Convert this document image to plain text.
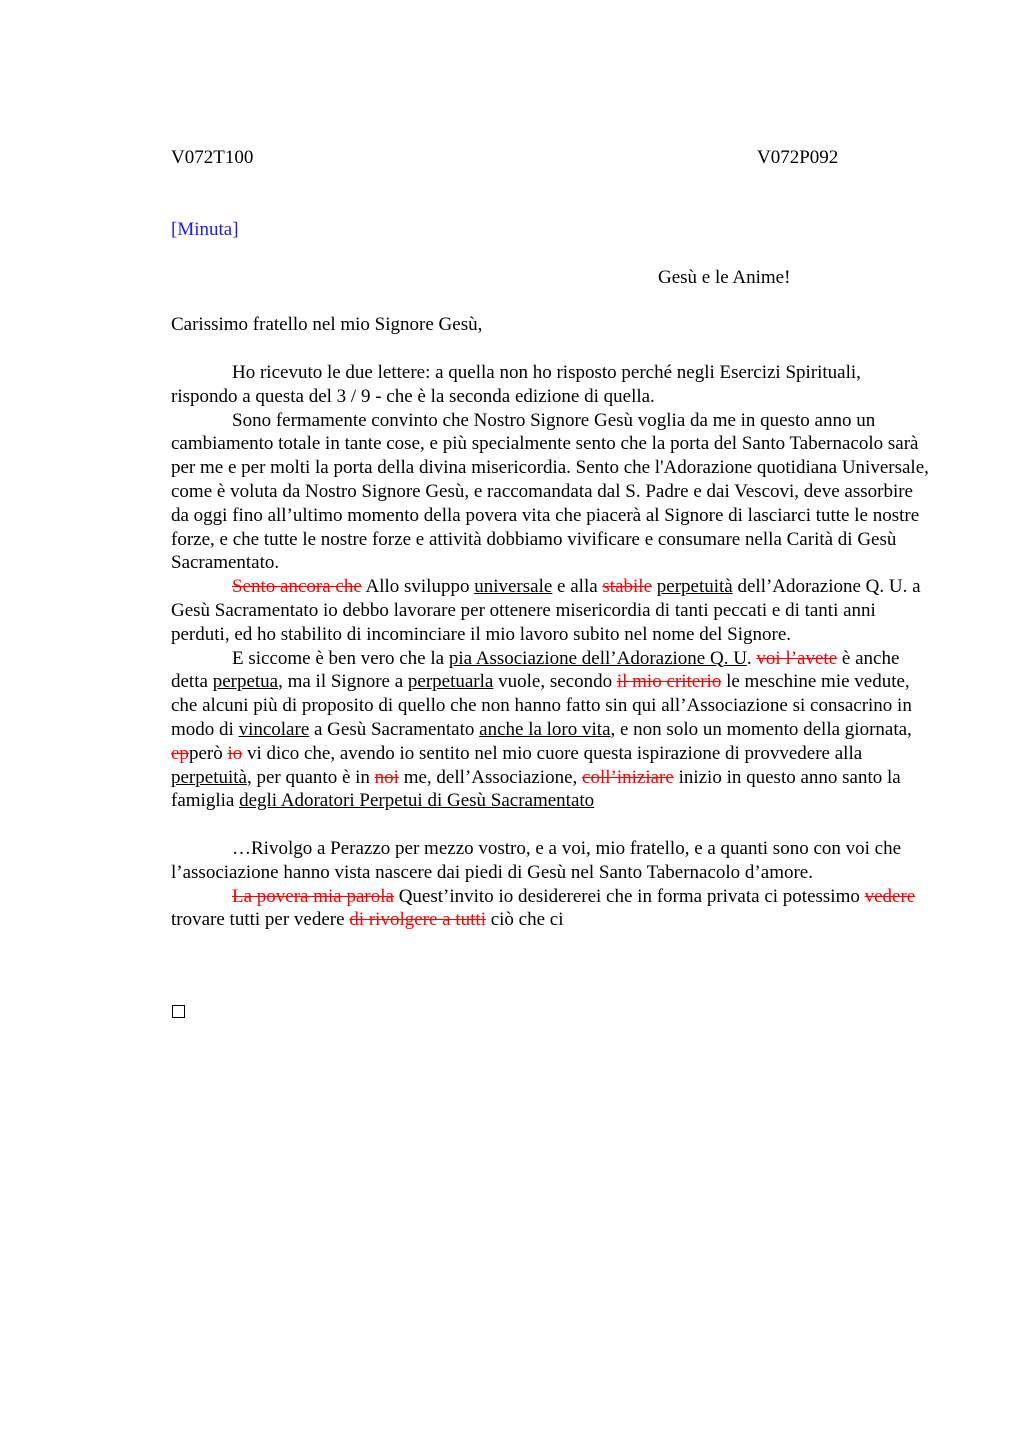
V072T100	V072P092
[Minuta]
Gesù e le Anime!
Carissimo fratello nel mio Signore Gesù,

Ho ricevuto le due lettere: a quella non ho risposto perché negli Esercizi Spirituali, rispondo a questa del 3 / 9 - che è la seconda edizione di quella.

Sono fermamente convinto che Nostro Signore Gesù voglia da me in questo anno un cambiamento totale in tante cose, e più specialmente sento che la porta del Santo Tabernacolo sarà per me e per molti la porta della divina misericordia. Sento che l'Adorazione quotidiana Universale, come è voluta da Nostro Signore Gesù, e raccomandata dal S. Padre e dai Vescovi, deve assorbire da oggi fino all’ultimo momento della povera vita che piacerà al Signore di lasciarci tutte le nostre forze, e che tutte le nostre forze e attività dobbiamo vivificare e consumare nella Carità di Gesù Sacramentato.

Sento ancora che Allo sviluppo universale e alla stabile perpetuità dell’Adorazione Q. U. a Gesù Sacramentato io debbo lavorare per ottenere misericordia di tanti peccati e di tanti anni perduti, ed ho stabilito di incominciare il mio lavoro subito nel nome del Signore.

E siccome è ben vero che la pia Associazione dell’Adorazione Q. U. voi l’avete è anche detta perpetua, ma il Signore a perpetuarla vuole, secondo il mio criterio le meschine mie vedute, che alcuni più di proposito di quello che non hanno fatto sin qui all’Associazione si consacrino in modo di vincolare a Gesù Sacramentato anche la loro vita, e non solo un momento della giornata, epperò io vi dico che, avendo io sentito nel mio cuore questa ispirazione di provvedere alla perpetuità, per quanto è in noi me, dell’Associazione, coll’iniziare inizio in questo anno santo la famiglia degli Adoratori Perpetui di Gesù Sacramentato

…Rivolgo a Perazzo per mezzo vostro, e a voi, mio fratello, e a quanti sono con voi che l’associazione hanno vista nascere dai piedi di Gesù nel Santo Tabernacolo d’amore.

La povera mia parola Quest’invito io desidererei che in forma privata ci potessimo vedere trovare tutti per vedere di rivolgere a tutti ciò che ci
